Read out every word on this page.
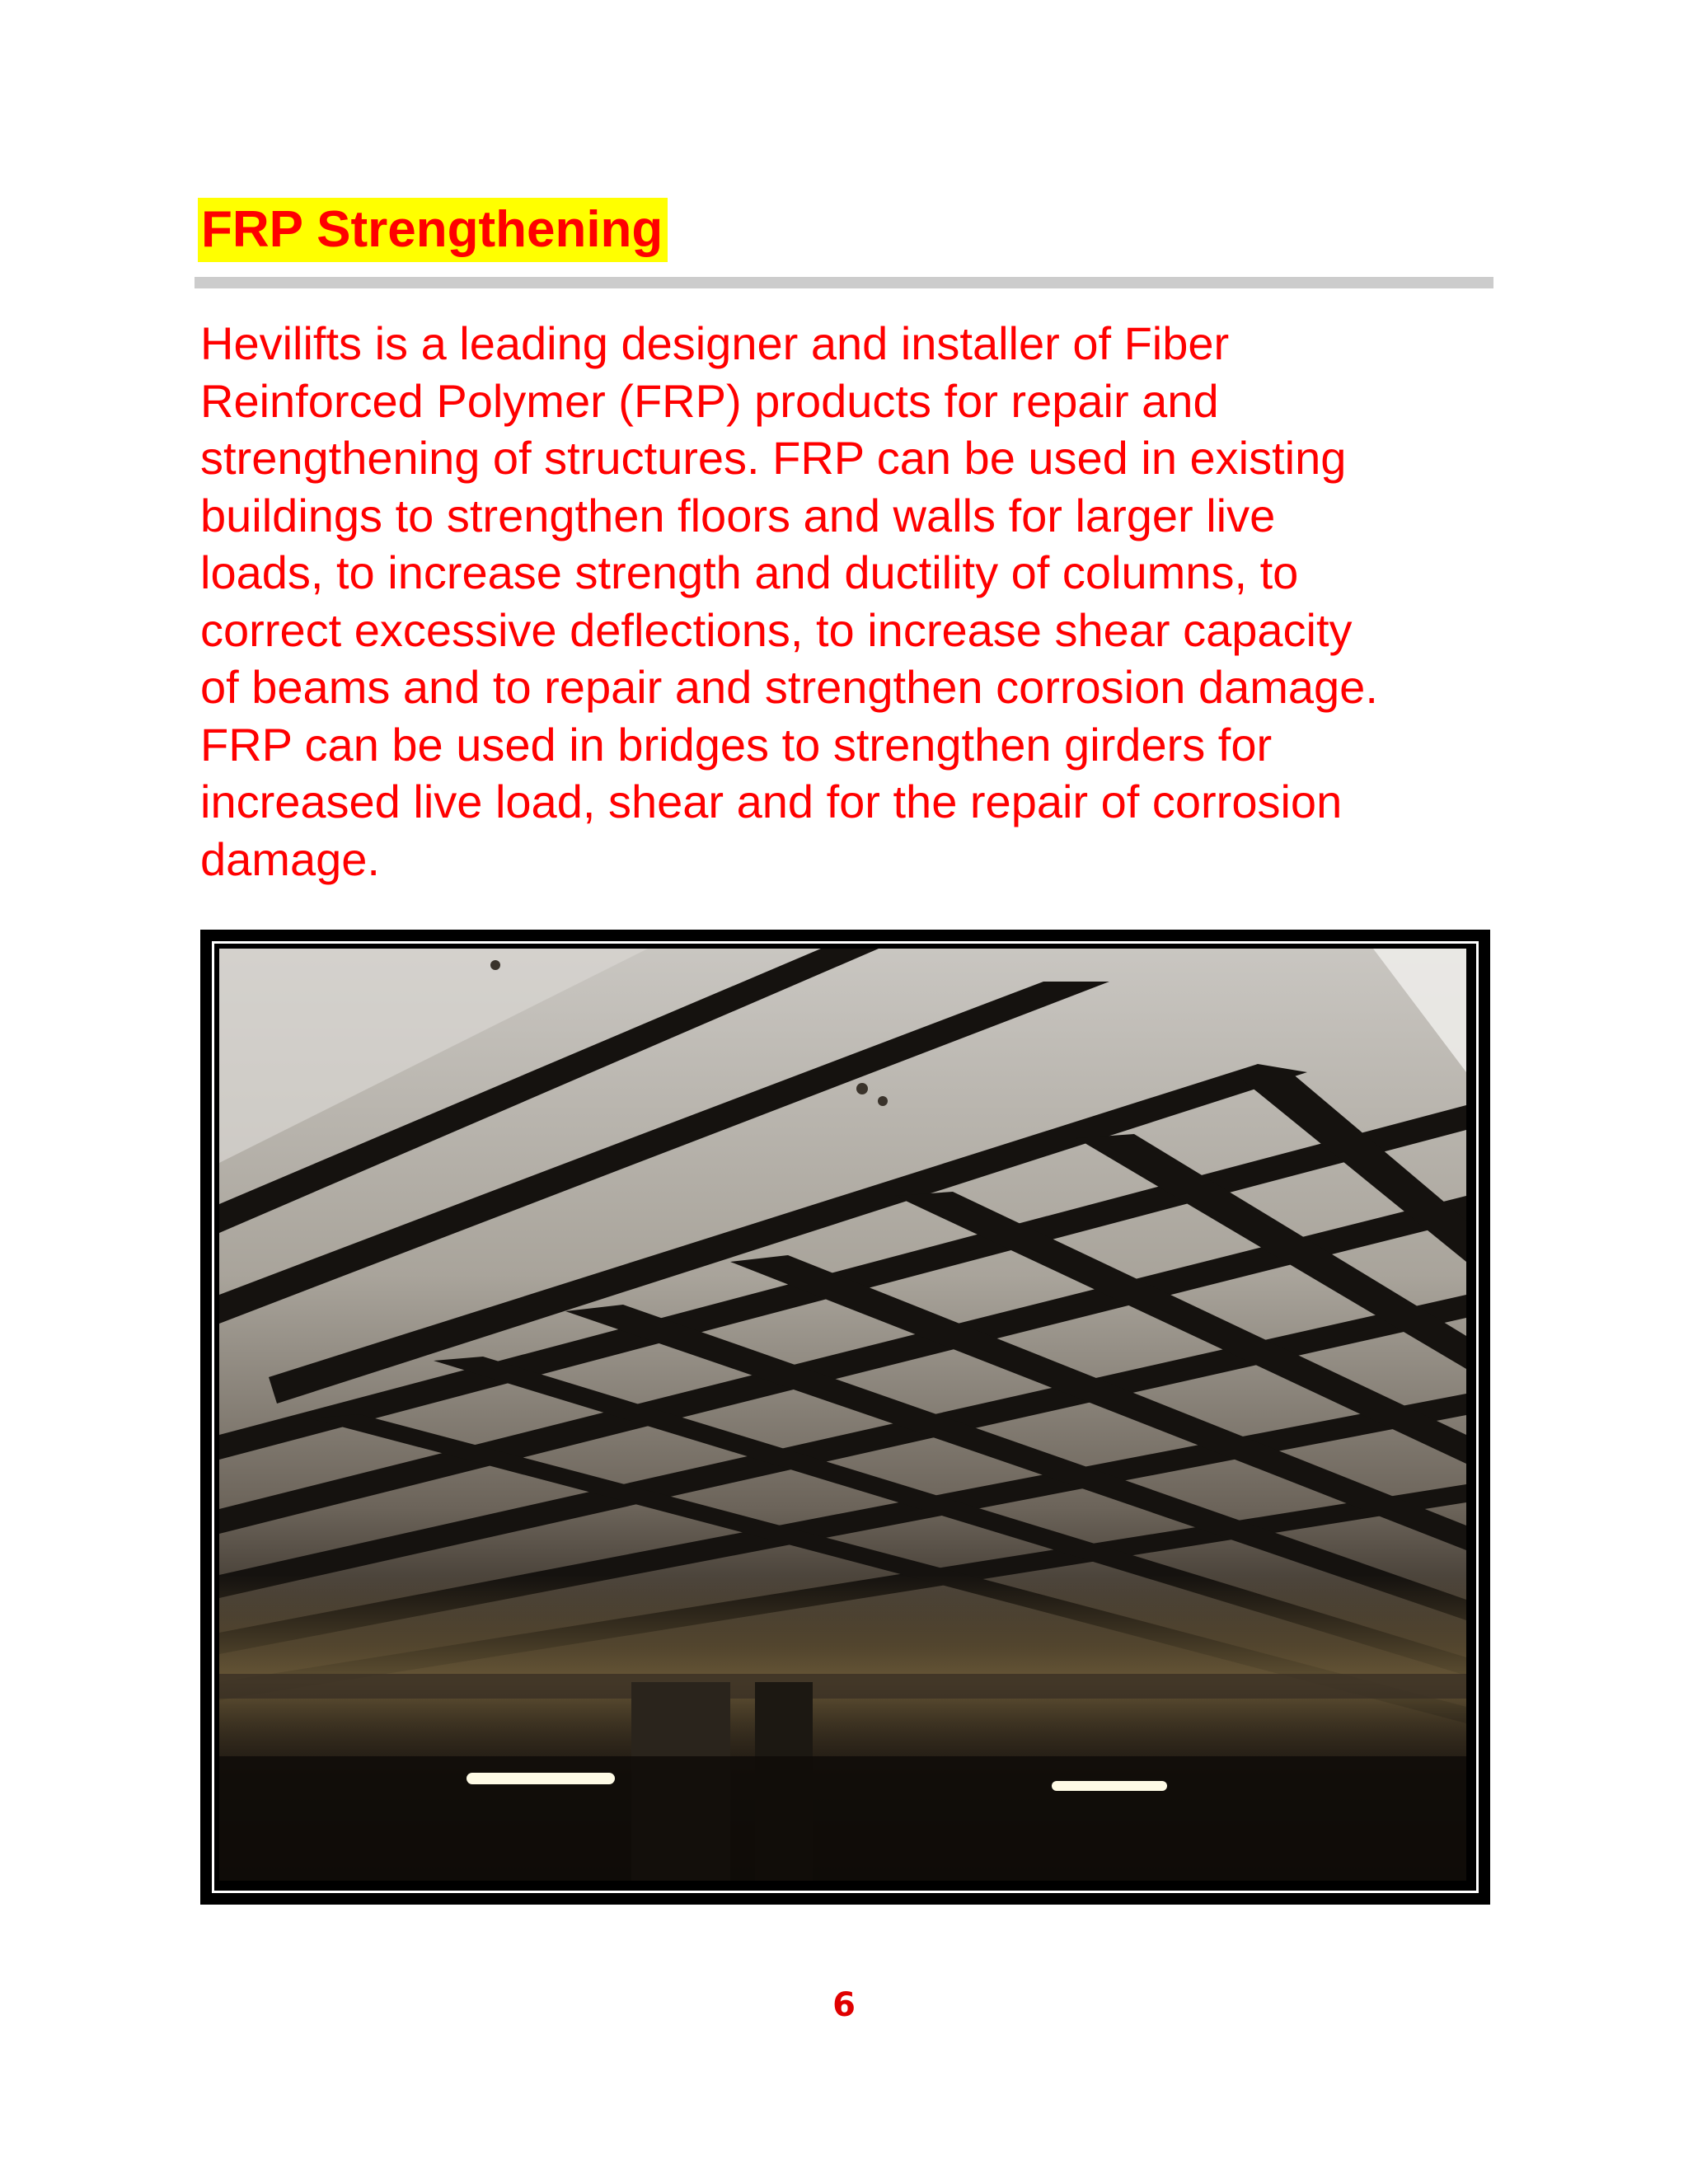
FRP Strengthening

Hevilifts is a leading designer and installer of Fiber
Reinforced Polymer (FRP) products for repair and
strengthening of structures. FRP can be used in existing
buildings to strengthen floors and walls for larger live
loads, to increase strength and ductility of columns, to
correct excessive deflections, to increase shear capacity
of beams and to repair and strengthen corrosion damage.
FRP can be used in bridges to strengthen girders for
increased live load, shear and for the repair of corrosion
damage.

6
